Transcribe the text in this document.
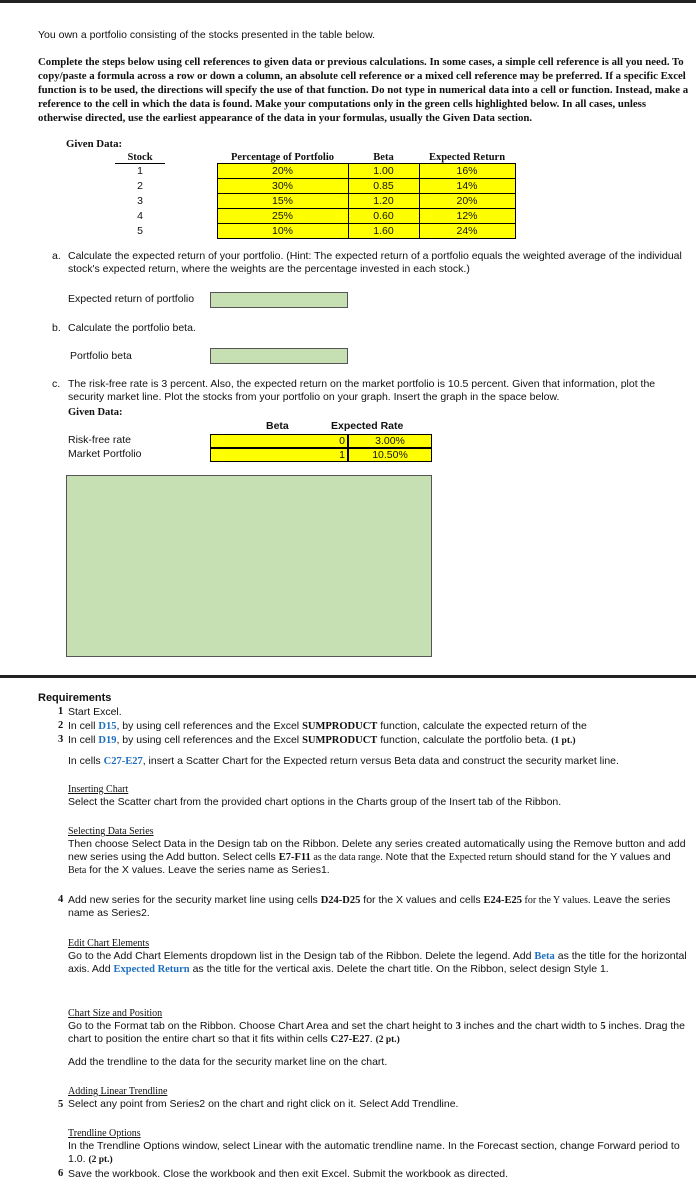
You own a portfolio consisting of the stocks presented in the table below.
Complete the steps below using cell references to given data or previous calculations. In some cases, a simple cell reference is all you need. To copy/paste a formula across a row or down a column, an absolute cell reference or a mixed cell reference may be preferred. If a specific Excel function is to be used, the directions will specify the use of that function. Do not type in numerical data into a cell or function. Instead, make a reference to the cell in which the data is found. Make your computations only in the green cells highlighted below. In all cases, unless otherwise directed, use the earliest appearance of the data in your formulas, usually the Given Data section.
Given Data:
Stock		Percentage of Portfolio	Beta	Expected Return
1		20%	1.00	16%
2		30%	0.85	14%
3		15%	1.20	20%
4		25%	0.60	12%
5		10%	1.60	24%
a. Calculate the expected return of your portfolio. (Hint: The expected return of a portfolio equals the weighted average of the individual stock's expected return, where the weights are the percentage invested in each stock.)
Expected return of portfolio
b. Calculate the portfolio beta.
Portfolio beta
c. The risk-free rate is 3 percent. Also, the expected return on the market portfolio is 10.5 percent. Given that information, plot the security market line. Plot the stocks from your portfolio on your graph. Insert the graph in the space below.
Given Data:
Beta	Expected Rate
Risk-free rate	0	3.00%
Market Portfolio	1	10.50%
Requirements
1 Start Excel.
2 In cell D15, by using cell references and the Excel SUMPRODUCT function, calculate the expected return of the
3 In cell D19, by using cell references and the Excel SUMPRODUCT function, calculate the portfolio beta. (1 pt.)
In cells C27-E27, insert a Scatter Chart for the Expected return versus Beta data and construct the security market line.
Inserting Chart
Select the Scatter chart from the provided chart options in the Charts group of the Insert tab of the Ribbon.
Selecting Data Series
Then choose Select Data in the Design tab on the Ribbon. Delete any series created automatically using the Remove button and add new series using the Add button. Select cells E7-F11 as the data range. Note that the Expected return should stand for the Y values and Beta for the X values. Leave the series name as Series1.
4 Add new series for the security market line using cells D24-D25 for the X values and cells E24-E25 for the Y values. Leave the series name as Series2.
Edit Chart Elements
Go to the Add Chart Elements dropdown list in the Design tab of the Ribbon. Delete the legend. Add Beta as the title for the horizontal axis. Add Expected Return as the title for the vertical axis. Delete the chart title. On the Ribbon, select design Style 1.
Chart Size and Position
Go to the Format tab on the Ribbon. Choose Chart Area and set the chart height to 3 inches and the chart width to 5 inches. Drag the chart to position the entire chart so that it fits within cells C27-E27. (2 pt.)
Add the trendline to the data for the security market line on the chart.
Adding Linear Trendline
5 Select any point from Series2 on the chart and right click on it. Select Add Trendline.
Trendline Options
In the Trendline Options window, select Linear with the automatic trendline name. In the Forecast section, change Forward period to 1.0. (2 pt.)
6 Save the workbook. Close the workbook and then exit Excel. Submit the workbook as directed.
